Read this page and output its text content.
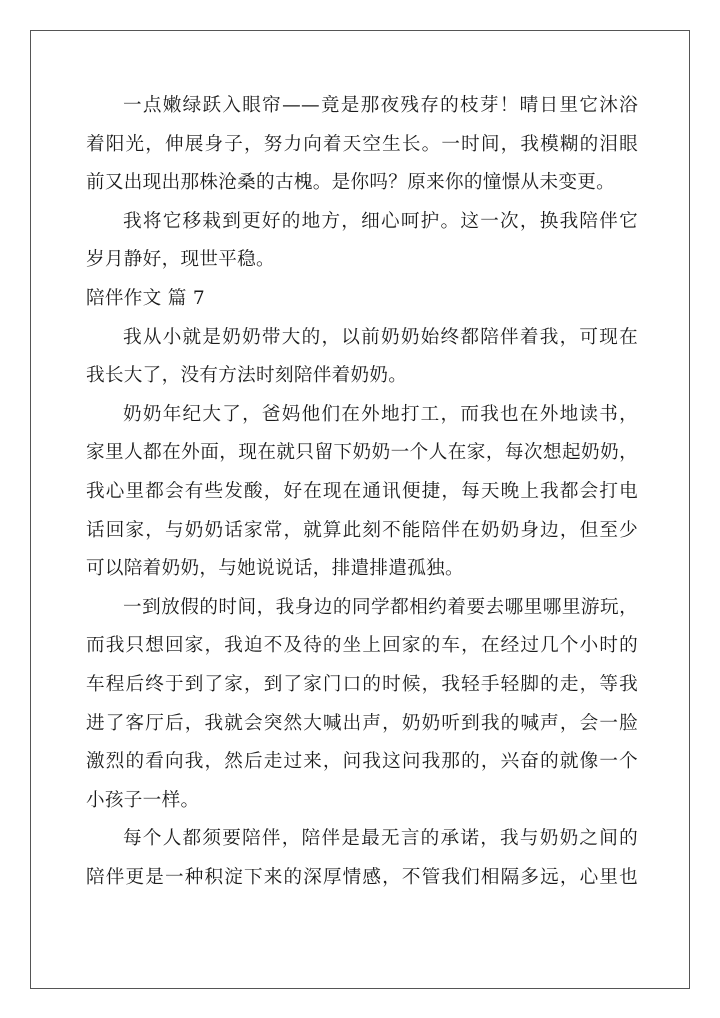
一点嫩绿跃入眼帘——竟是那夜残存的枝芽！晴日里它沐浴
着阳光，伸展身子，努力向着天空生长。一时间，我模糊的泪眼
前又出现出那株沧桑的古槐。是你吗？原来你的憧憬从未变更。
我将它移栽到更好的地方，细心呵护。这一次，换我陪伴它
岁月静好，现世平稳。
陪伴作文 篇 7
我从小就是奶奶带大的，以前奶奶始终都陪伴着我，可现在
我长大了，没有方法时刻陪伴着奶奶。
奶奶年纪大了，爸妈他们在外地打工，而我也在外地读书，
家里人都在外面，现在就只留下奶奶一个人在家，每次想起奶奶，
我心里都会有些发酸，好在现在通讯便捷，每天晚上我都会打电
话回家，与奶奶话家常，就算此刻不能陪伴在奶奶身边，但至少
可以陪着奶奶，与她说说话，排遣排遣孤独。
一到放假的时间，我身边的同学都相约着要去哪里哪里游玩，
而我只想回家，我迫不及待的坐上回家的车，在经过几个小时的
车程后终于到了家，到了家门口的时候，我轻手轻脚的走，等我
进了客厅后，我就会突然大喊出声，奶奶听到我的喊声，会一脸
激烈的看向我，然后走过来，问我这问我那的，兴奋的就像一个
小孩子一样。
每个人都须要陪伴，陪伴是最无言的承诺，我与奶奶之间的
陪伴更是一种积淀下来的深厚情感，不管我们相隔多远，心里也
